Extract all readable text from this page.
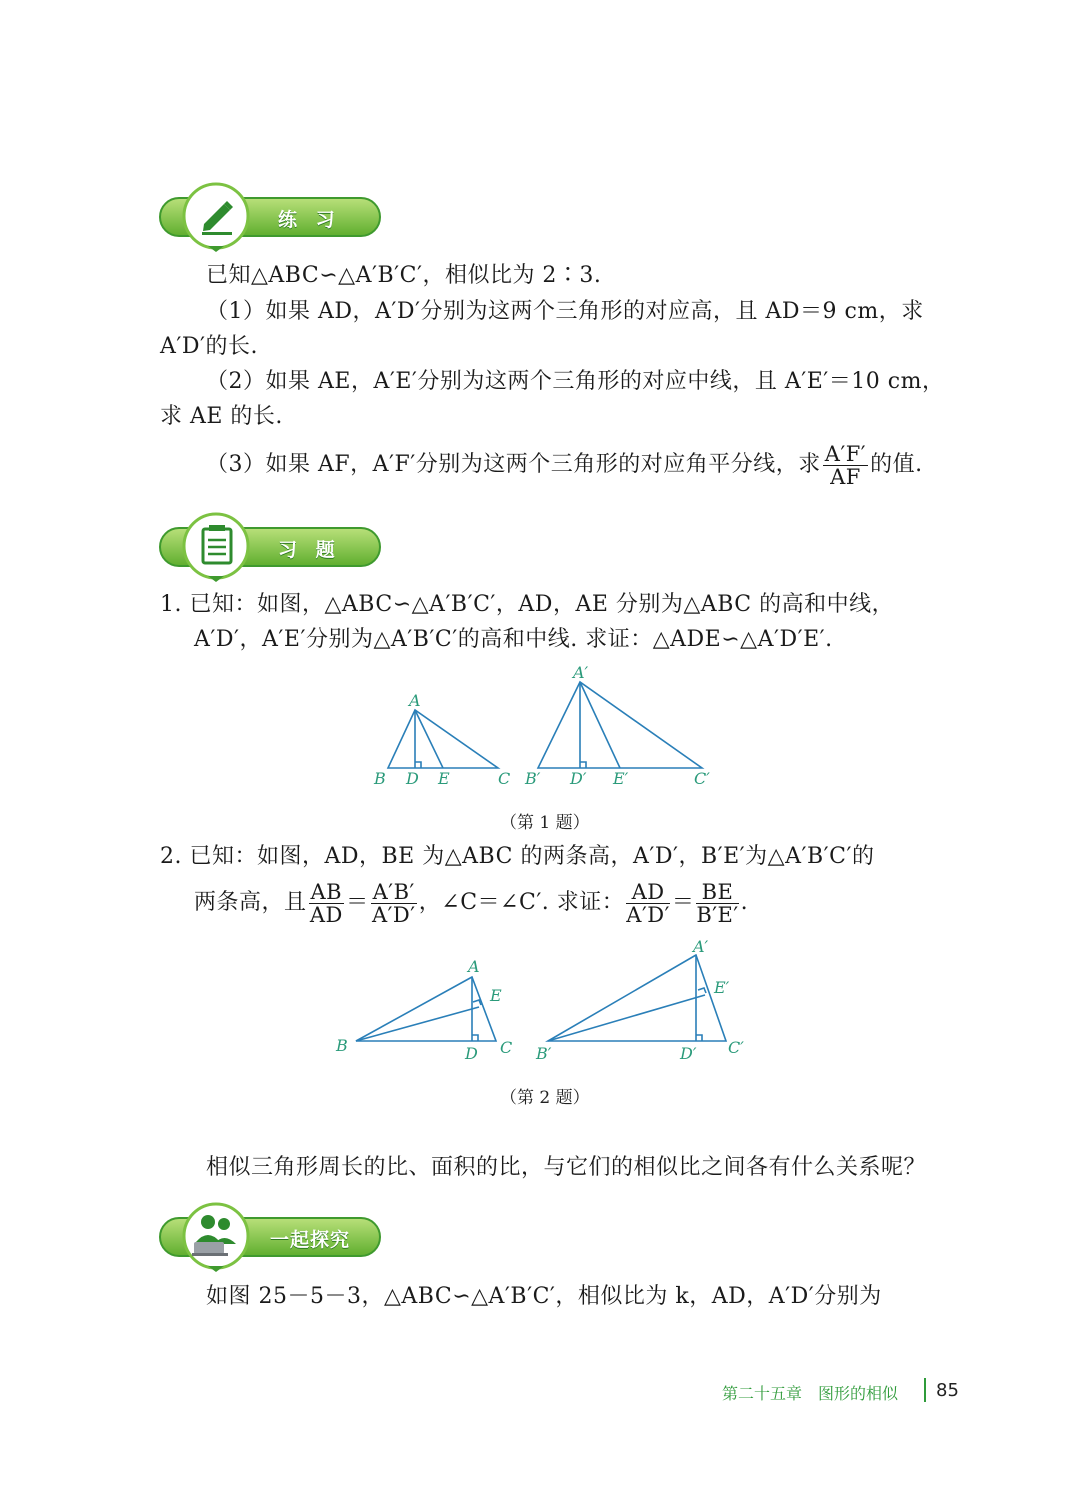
练 习
已知△ABC∽△A′B′C′，相似比为 2∶3.
（1）如果 AD，A′D′分别为这两个三角形的对应高，且 AD＝9 cm，求
A′D′的长.
（2）如果 AE，A′E′分别为这两个三角形的对应中线，且 A′E′＝10 cm，
求 AE 的长.
（3）如果 AF，A′F′分别为这两个三角形的对应角平分线，求 $\frac{A'F'}{AF}$ 的值.
习 题
1. 已知：如图，△ABC∽△A′B′C′，AD，AE 分别为△ABC 的高和中线，
A′D′，A′E′分别为△A′B′C′的高和中线. 求证：△ADE∽△A′D′E′.
A
B D E	C
A′
B′ D′ E′	C′
（第 1 题）
2. 已知：如图，AD，BE 为△ABC 的两条高，A′D′，B′E′为△A′B′C′的
两条高，且 $\frac{AB}{AD} = \frac{A'B'}{A'D'}$ ，∠C＝∠C′. 求证： $\frac{AD}{A'D'} = \frac{BE}{B'E'}$ .
A
E
B	D C
A′
E′
B′	D′ C′
（第 2 题）
相似三角形周长的比、面积的比，与它们的相似比之间各有什么关系呢？
一起探究
如图 25－5－3，△ABC∽△A′B′C′，相似比为 k，AD，A′D′分别为
第二十五章　图形的相似 85
